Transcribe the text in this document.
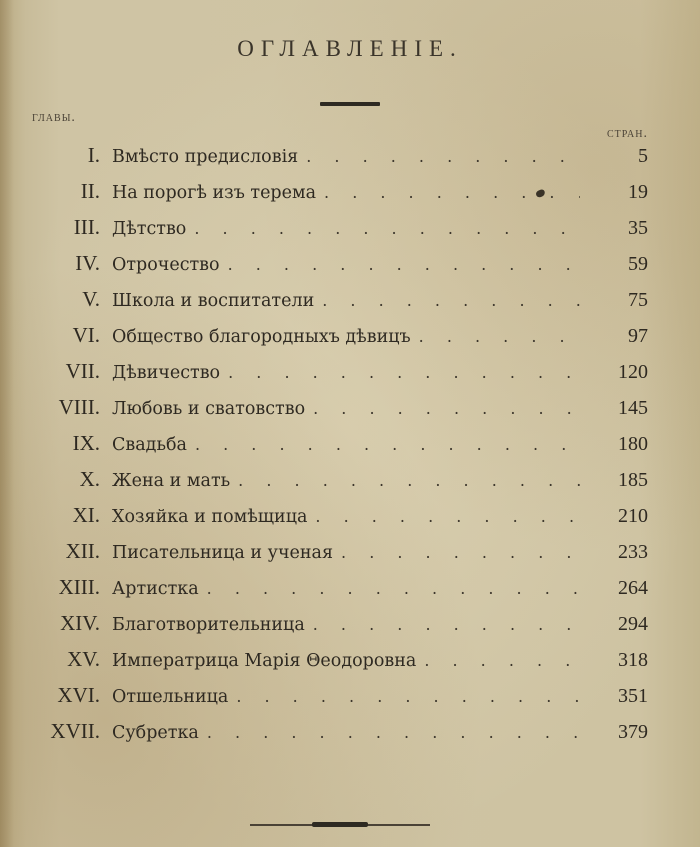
ОГЛАВЛЕНІЕ.
главы.
стран.
I. Вмѣсто предисловія . . .	5
II. На порогѣ изъ терема . . .	19
III. Дѣтство . . .	35
IV. Отрочество . . .	59
V. Школа и воспитатели . . .	75
VI. Общество благородныхъ дѣвицъ . . .	97
VII. Дѣвичество . . .	120
VIII. Любовь и сватовство . . .	145
IX. Свадьба . . .	180
X. Жена и мать . . .	185
XI. Хозяйка и помѣщица . . .	210
XII. Писательница и ученая . . .	233
XIII. Артистка . . .	264
XIV. Благотворительница . . .	294
XV. Императрица Марія Θеодоровна . . .	318
XVI. Отшельница . . .	351
XVII. Субретка . . .	379
